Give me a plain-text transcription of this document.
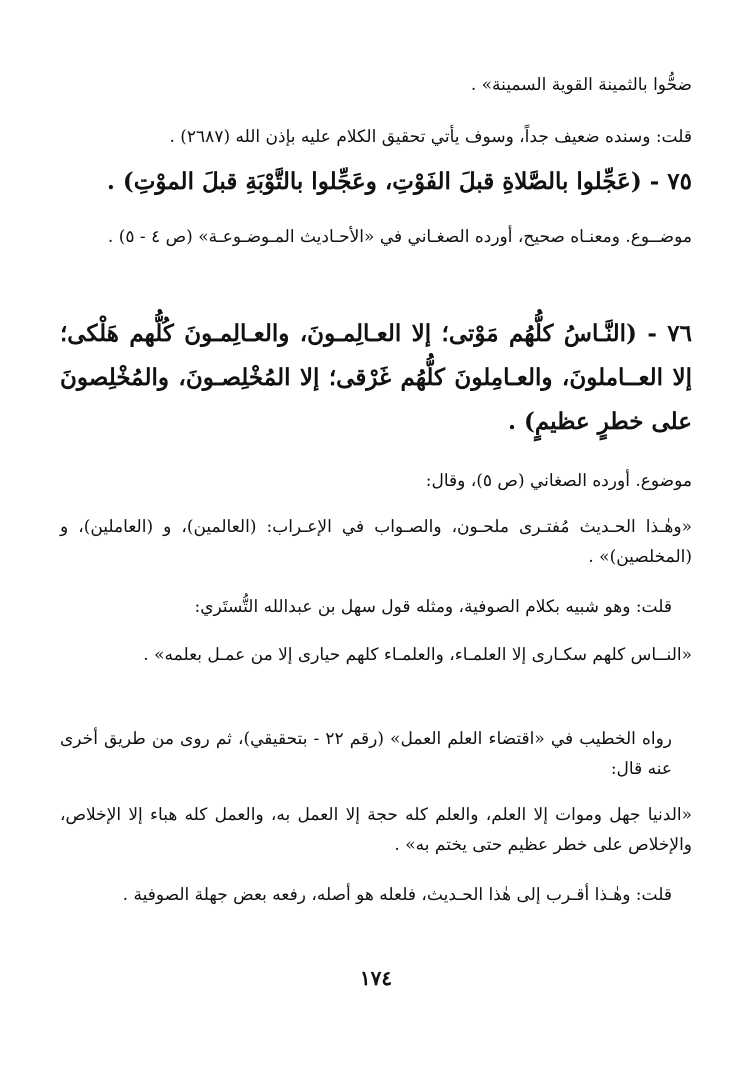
ضحُّوا بالثمينة القوية السمينة» .
قلت: وسنده ضعيف جداً، وسوف يأتي تحقيق الكلام عليه بإذن الله (٢٦٨٧) .
٧٥ - (عَجِّلوا بالصَّلاةِ قبلَ الفَوْتِ، وعَجِّلوا بالتَّوْبَةِ قبلَ الموْتِ) .
موضــوع. ومعنـاه صحيح، أورده الصغـاني في «الأحـاديث المـوضـوعـة» (ص ٤ - ٥) .
٧٦ - (النَّـاسُ كلُّهُم مَوْتى؛ إلا العـالِمـونَ، والعـالِمـونَ كُلُّهم هَلْكى؛ إلا العــاملونَ، والعـامِلونَ كلُّهُم غَرْقى؛ إلا المُخْلِصـونَ، والمُخْلِصونَ على خطرٍ عظيمٍ) .
موضوع. أورده الصغاني (ص ٥)، وقال:
«وهٰـذا الحـديث مُفتـرى ملحـون، والصـواب في الإعـراب: (العالمين)، و (العاملين)، و (المخلصين)» .
قلت: وهو شبيه بكلام الصوفية، ومثله قول سهل بن عبدالله التُّستَري:
«النــاس كلهم سكـارى إلا العلمـاء، والعلمـاء كلهم حيارى إلا من عمـل بعلمه» .
رواه الخطيب في «اقتضاء العلم العمل» (رقم ٢٢ - بتحقيقي)، ثم روى من طريق أخرى عنه قال:
«الدنيا جهل وموات إلا العلم، والعلم كله حجة إلا العمل به، والعمل كله هباء إلا الإخلاص، والإخلاص على خطر عظيم حتى يختم به» .
قلت: وهٰـذا أقـرب إلى هٰذا الحـديث، فلعله هو أصله، رفعه بعض جهلة الصوفية .
١٧٤
